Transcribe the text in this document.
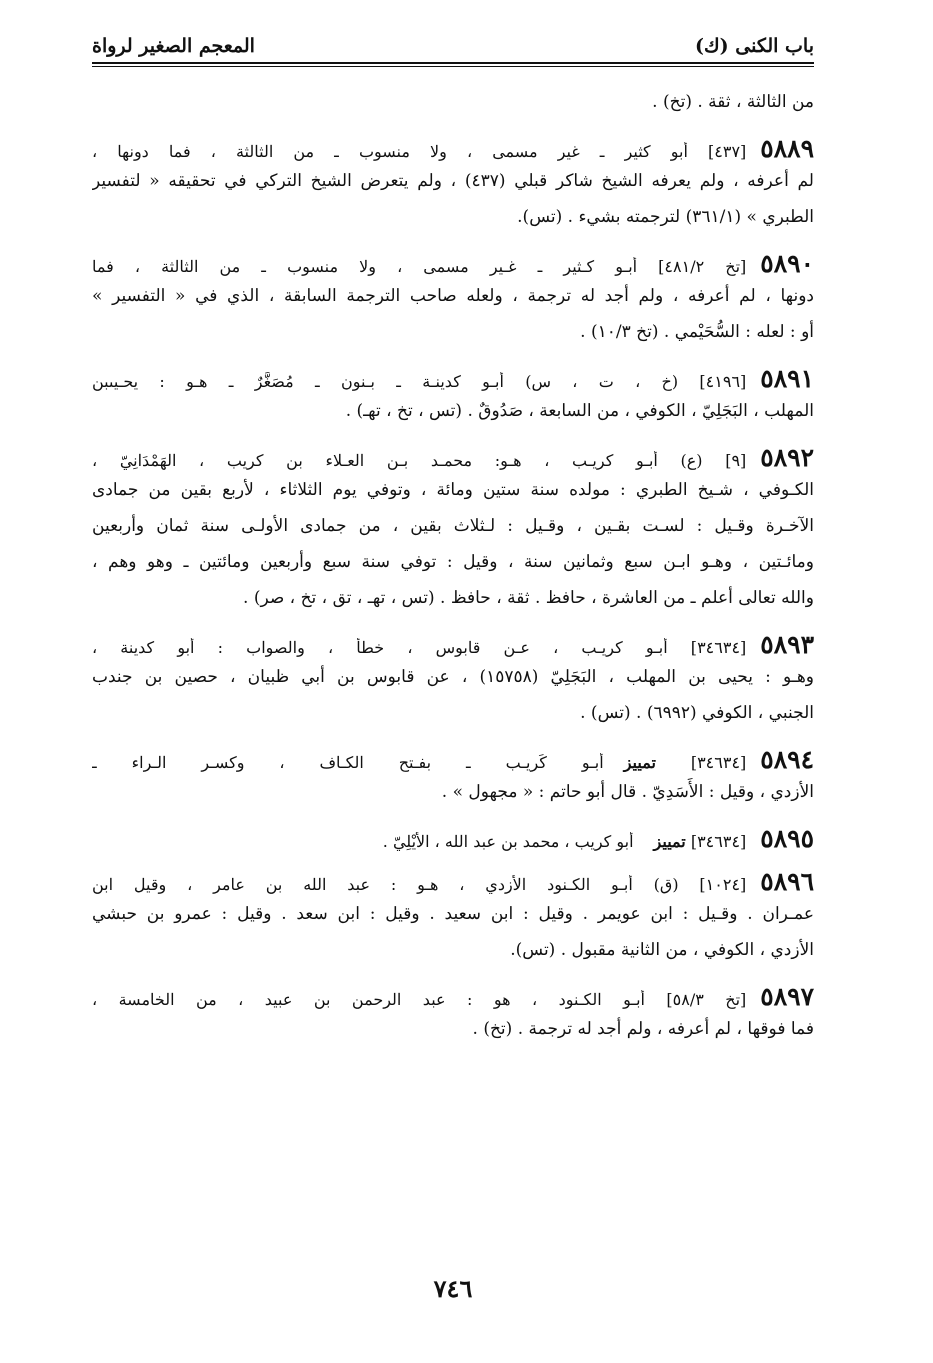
باب الكنى (ك)
المعجم الصغير لرواة
من الثالثة ، ثقة . (تخ) .
٥٨٨٩
[٤٣٧] أبو كثير ـ غير مسمى ، ولا منسوب ـ من الثالثة ، فما دونها ،
لم أعرفه ، ولم يعرفه الشيخ شاكر قبلي (٤٣٧) ، ولم يتعرض الشيخ التركي في تحقيقه « لتفسير
الطبري » (٣٦١/١) لترجمته بشيء . (تس).
٥٨٩٠
[تخ ٤٨١/٢] أبـو كـثير ـ غـير مسمى ، ولا منسوب ـ من الثالثة ، فما
دونها ، لم أعرفه ، ولم أجد له ترجمة ، ولعله صاحب الترجمة السابقة ، الذي في « التفسير »
أو : لعله : السُّحَيْمي . (تخ ١٠/٣) .
٥٨٩١
[٤١٩٦] (خ ، ت ، س) أبـو كدينـة ـ بـنون ـ مُصَغَّرٌ ـ هـو : يحـيىبن
المهلب ، البَجَلِيّ ، الكوفي ، من السابعة ، صَدُوقٌ . (تس ، تخ ، تهـ) .
٥٨٩٢
[٩] (ع) أبـو كريـب ، هـو: محمـد بـن العـلاء بن كريب ، الهَمْدَانِيّ ،
الكـوفي ، شـيخ الطبري : مولده سنة ستين ومائة ، وتوفي يوم الثلاثاء ، لأربع بقين من جمادى
الآخـرة وقـيل : لسـت بقـين ، وقـيل : لـثلاث بقين ، من جمادى الأولـى سنة ثمان وأربعين
ومائـتين ، وهـو ابـن سبع وثمانين سنة ، وقيل : توفي سنة سبع وأربعين ومائتين ـ وهو وهم ،
والله تعالى أعلم ـ من العاشرة ، حافظ . ثقة ، حافظ . (تس ، تهـ ، تق ، تخ ، صر) .
٥٨٩٣
[٣٤٦٣٤] أبـو كريـب ، عـن قابوس ، خطأ ، والصواب : أبو كدينة ،
وهـو : يحيى بن المهلب ، البَجَلِيّ (١٥٧٥٨) ، عن قابوس بن أبي ظبيان ، حصين بن جندب
الجنبي ، الكوفي (٦٩٩٢) . (تس) .
٥٨٩٤
[٣٤٦٣٤] تمييزأبـو كَريـب ـ بفـتح الكـاف ، وكسـر الـراء ـ
الأزدي ، وقيل : الأَسَدِيّ . قال أبو حاتم : « مجهول » .
٥٨٩٥
[٣٤٦٣٤] تمييزأبو كريب ، محمد بن عبد الله ، الأَيْلِيّ .
٥٨٩٦
[١٠٢٤] (ق) أبـو الكـنود الأزدي ، هـو : عبد الله بن عامر ، وقيل ابن
عمـران . وقـيل : ابن عويمر . وقيل : ابن سعيد . وقيل : ابن سعد . وقيل : عمرو بن حبشي
الأزدي ، الكوفي ، من الثانية مقبول . (تس).
٥٨٩٧
[تخ ٥٨/٣] أبـو الكـنود ، هو : عبد الرحمن بن عبيد ، من الخامسة ،
فما فوقها ، لم أعرفه ، ولم أجد له ترجمة . (تخ) .
٧٤٦
